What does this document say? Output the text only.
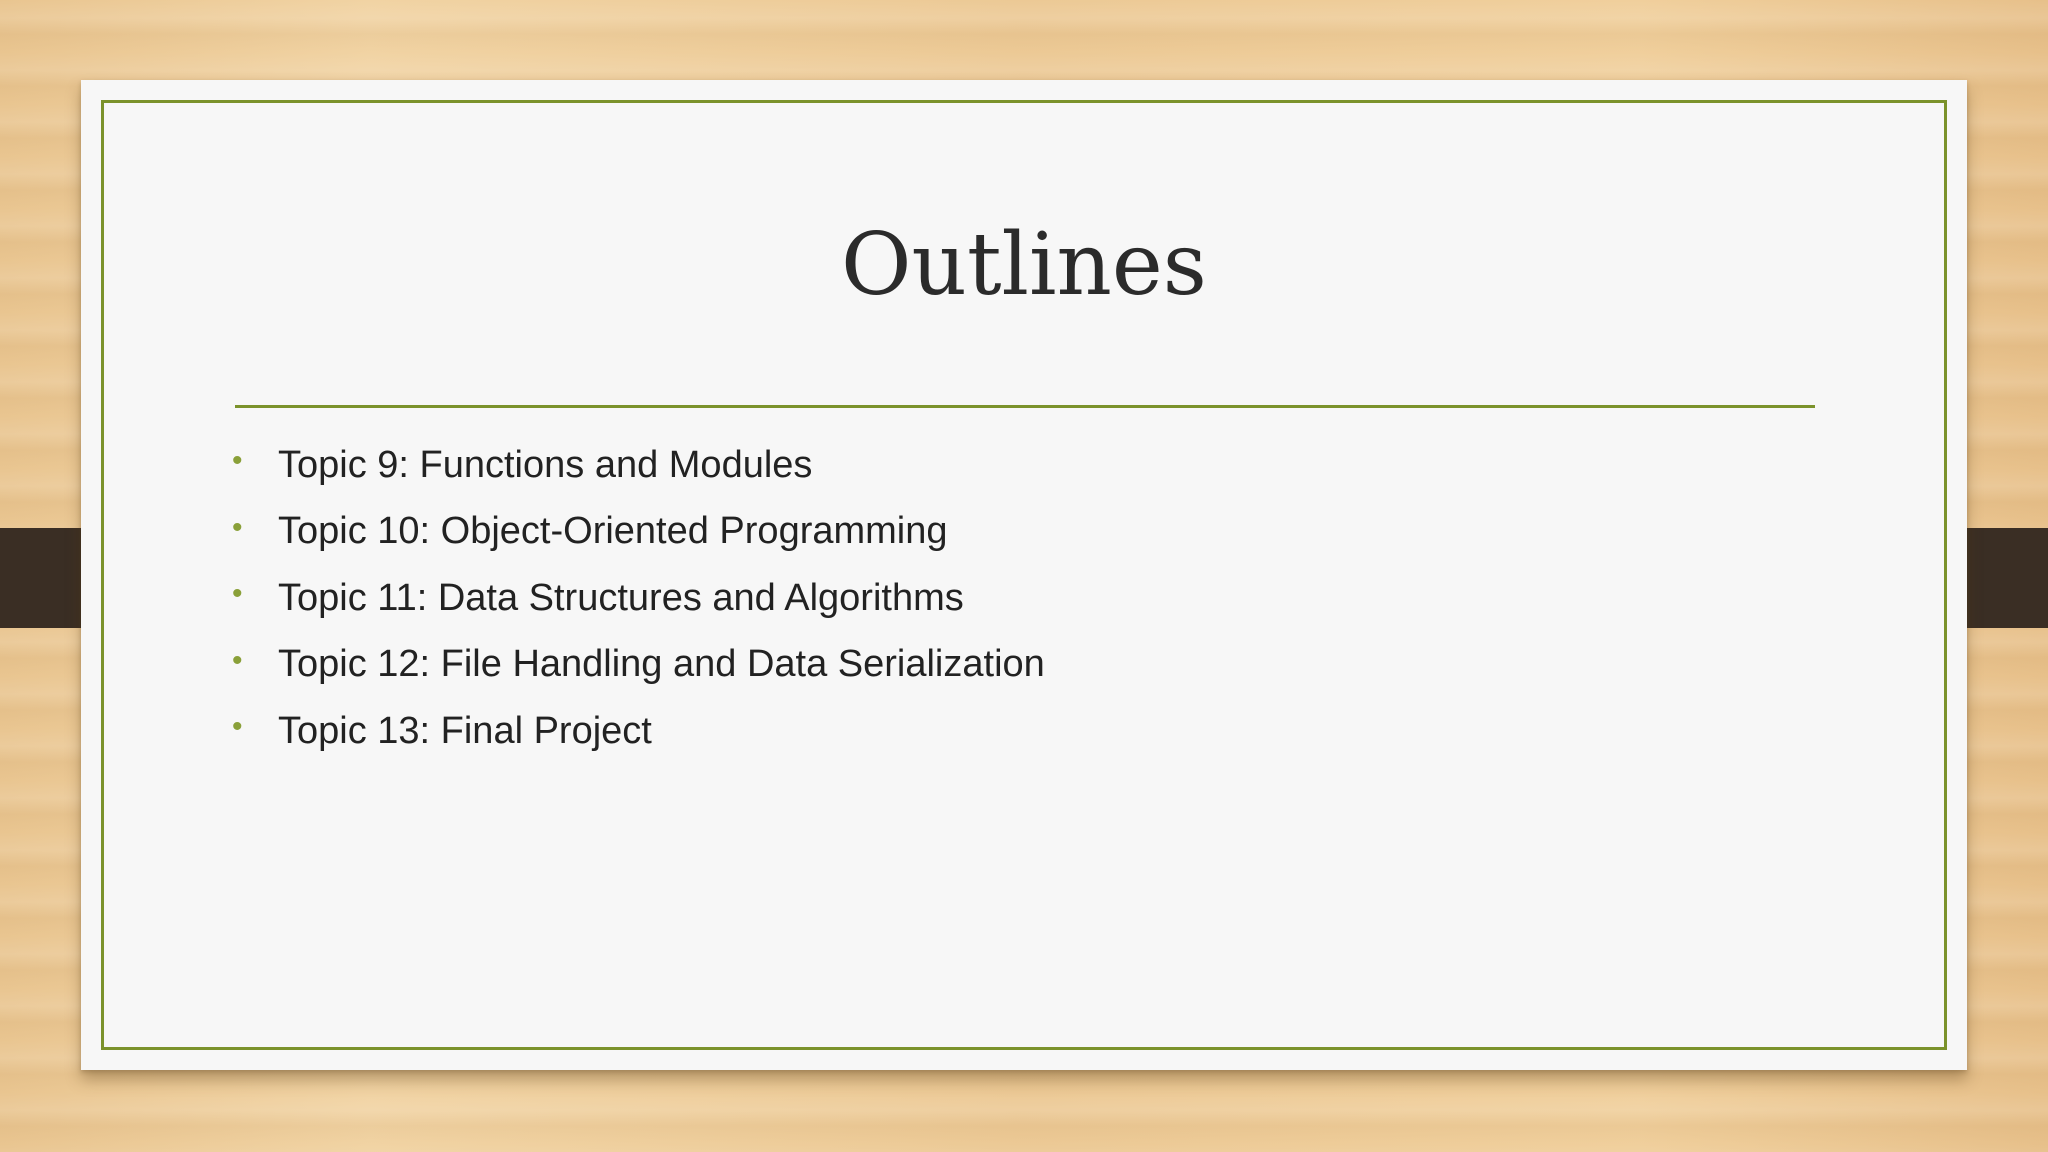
Outlines
• Topic 9: Functions and Modules
• Topic 10: Object-Oriented Programming
• Topic 11: Data Structures and Algorithms
• Topic 12: File Handling and Data Serialization
• Topic 13: Final Project
